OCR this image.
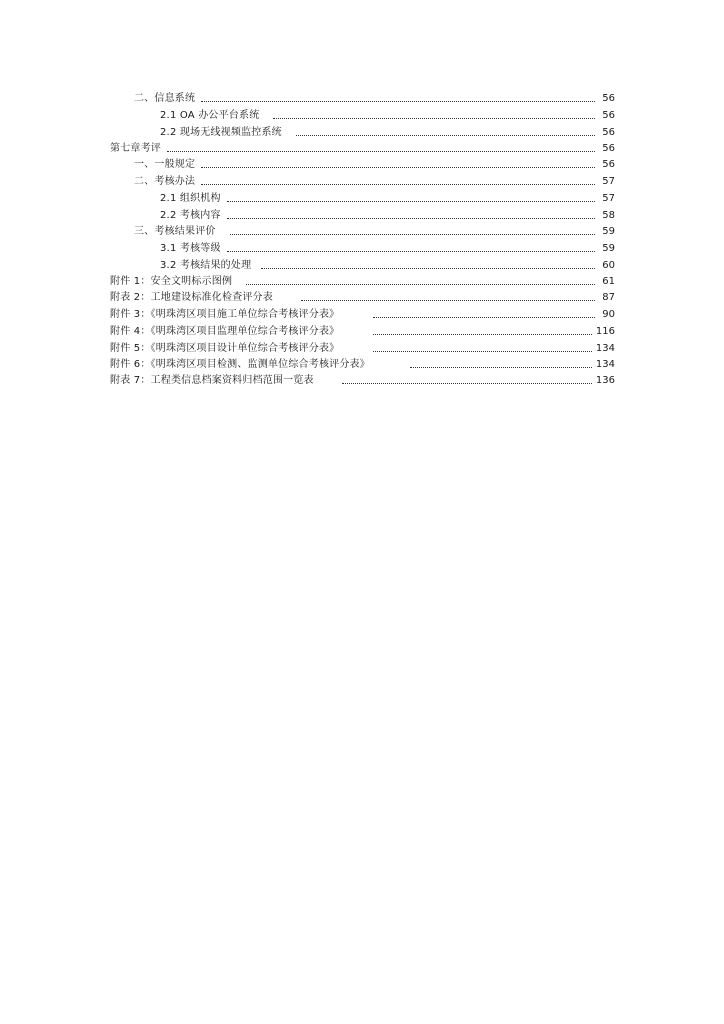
二、信息系统	56
2.1 OA 办公平台系统	56
2.2 现场无线视频监控系统	56
第七章考评	56
一、一般规定	56
二、考核办法	57
2.1 组织机构	57
2.2 考核内容	58
三、考核结果评价	59
3.1 考核等级	59
3.2 考核结果的处理	60
附件 1：安全文明标示图例	61
附表 2：工地建设标准化检查评分表	87
附件 3：《明珠湾区项目施工单位综合考核评分表》	90
附件 4：《明珠湾区项目监理单位综合考核评分表》	116
附件 5：《明珠湾区项目设计单位综合考核评分表》	134
附件 6：《明珠湾区项目检测、监测单位综合考核评分表》	134
附表 7：工程类信息档案资料归档范围一览表	136
